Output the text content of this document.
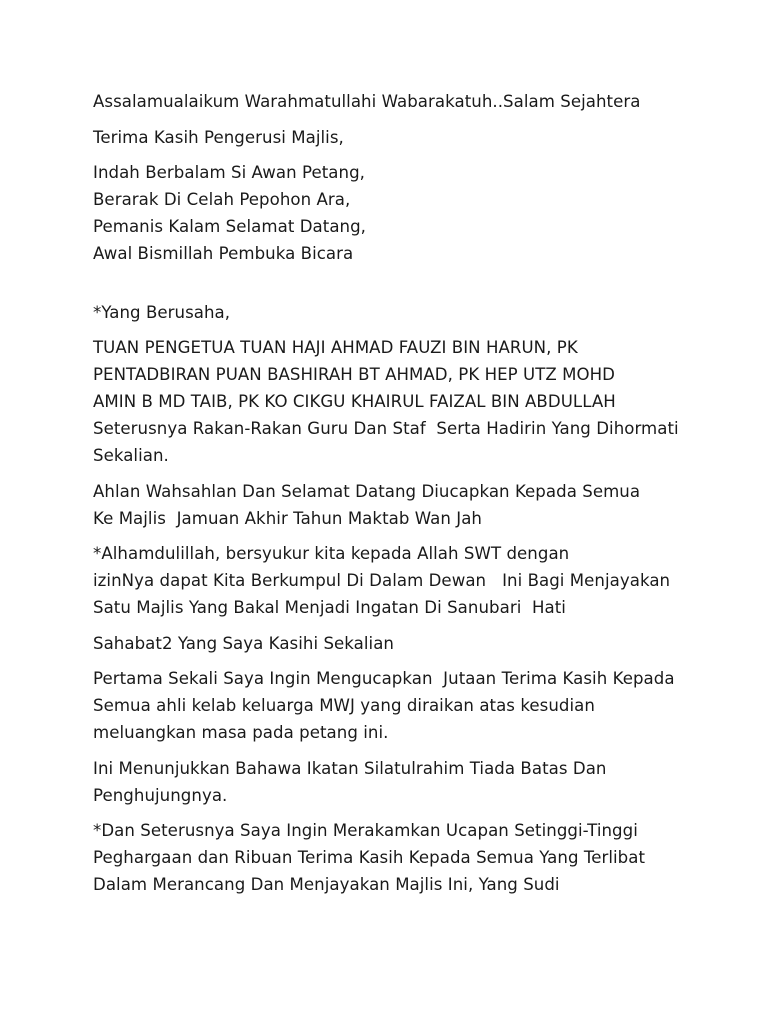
Assalamualaikum Warahmatullahi Wabarakatuh..Salam Sejahtera
Terima Kasih Pengerusi Majlis,
Indah Berbalam Si Awan Petang,
Berarak Di Celah Pepohon Ara,
Pemanis Kalam Selamat Datang,
Awal Bismillah Pembuka Bicara
*Yang Berusaha,
TUAN PENGETUA TUAN HAJI AHMAD FAUZI BIN HARUN, PK
PENTADBIRAN PUAN BASHIRAH BT AHMAD, PK HEP UTZ MOHD
AMIN B MD TAIB, PK KO CIKGU KHAIRUL FAIZAL BIN ABDULLAH
Seterusnya Rakan-Rakan Guru Dan Staf  Serta Hadirin Yang Dihormati
Sekalian.
Ahlan Wahsahlan Dan Selamat Datang Diucapkan Kepada Semua
Ke Majlis  Jamuan Akhir Tahun Maktab Wan Jah
*Alhamdulillah, bersyukur kita kepada Allah SWT dengan
izinNya dapat Kita Berkumpul Di Dalam Dewan   Ini Bagi Menjayakan
Satu Majlis Yang Bakal Menjadi Ingatan Di Sanubari  Hati
Sahabat2 Yang Saya Kasihi Sekalian
Pertama Sekali Saya Ingin Mengucapkan  Jutaan Terima Kasih Kepada
Semua ahli kelab keluarga MWJ yang diraikan atas kesudian
meluangkan masa pada petang ini.
Ini Menunjukkan Bahawa Ikatan Silatulrahim Tiada Batas Dan
Penghujungnya.
*Dan Seterusnya Saya Ingin Merakamkan Ucapan Setinggi-Tinggi
Peghargaan dan Ribuan Terima Kasih Kepada Semua Yang Terlibat
Dalam Merancang Dan Menjayakan Majlis Ini, Yang Sudi
